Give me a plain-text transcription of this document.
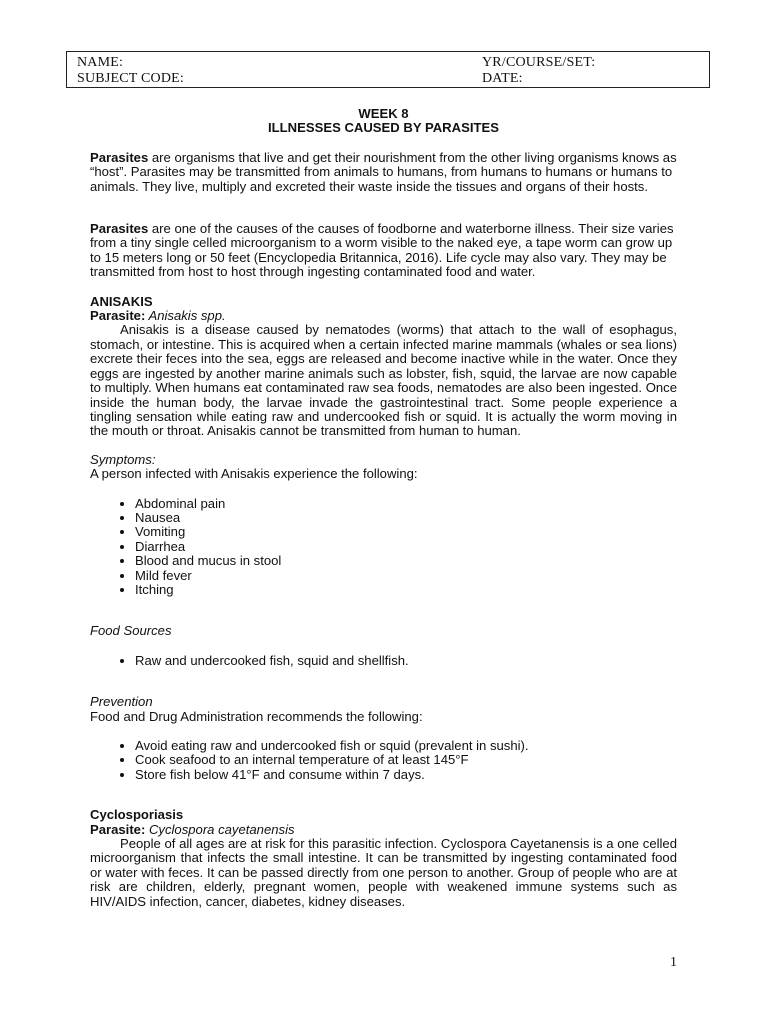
NAME:
SUBJECT CODE:
YR/COURSE/SET:
DATE:

WEEK 8

ILLNESSES CAUSED BY PARASITES

Parasites are organisms that live and get their nourishment from the other living organisms knows as “host”. Parasites may be transmitted from animals to humans, from humans to humans or humans to animals. They live, multiply and excreted their waste inside the tissues and organs of their hosts.

Parasites are one of the causes of the causes of foodborne and waterborne illness. Their size varies from a tiny single celled microorganism to a worm visible to the naked eye, a tape worm can grow up to 15 meters long or 50 feet (Encyclopedia Britannica, 2016). Life cycle may also vary. They may be transmitted from host to host through ingesting contaminated food and water.

ANISAKIS

Parasite: Anisakis spp.

Anisakis is a disease caused by nematodes (worms) that attach to the wall of esophagus, stomach, or intestine. This is acquired when a certain infected marine mammals (whales or sea lions) excrete their feces into the sea, eggs are released and become inactive while in the water. Once they eggs are ingested by another marine animals such as lobster, fish, squid, the larvae are now capable to multiply. When humans eat contaminated raw sea foods, nematodes are also been ingested. Once inside the human body, the larvae invade the gastrointestinal tract. Some people experience a tingling sensation while eating raw and undercooked fish or squid. It is actually the worm moving in the mouth or throat. Anisakis cannot be transmitted from human to human.

Symptoms:

A person infected with Anisakis experience the following:

• Abdominal pain
• Nausea
• Vomiting
• Diarrhea
• Blood and mucus in stool
• Mild fever
• Itching

Food Sources

• Raw and undercooked fish, squid and shellfish.

Prevention

Food and Drug Administration recommends the following:

• Avoid eating raw and undercooked fish or squid (prevalent in sushi).
• Cook seafood to an internal temperature of at least 145°F
• Store fish below 41°F and consume within 7 days.

Cyclosporiasis

Parasite: Cyclospora cayetanensis

People of all ages are at risk for this parasitic infection. Cyclospora Cayetanensis is a one celled microorganism that infects the small intestine. It can be transmitted by ingesting contaminated food or water with feces. It can be passed directly from one person to another. Group of people who are at risk are children, elderly, pregnant women, people with weakened immune systems such as HIV/AIDS infection, cancer, diabetes, kidney diseases.

1
